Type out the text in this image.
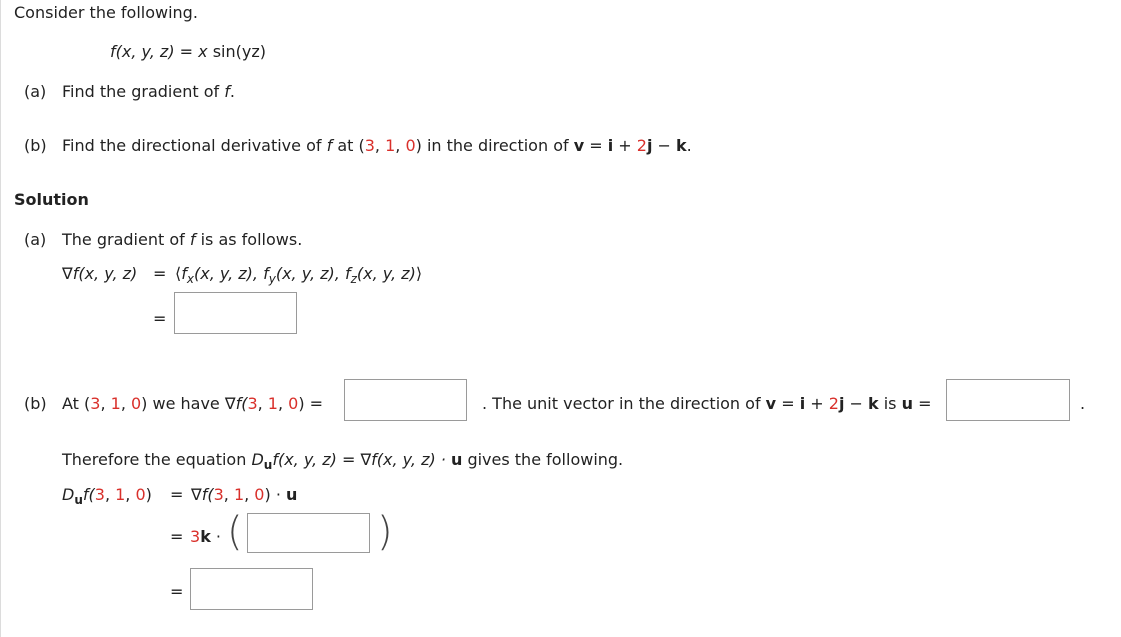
Consider the following.
f(x, y, z) = x sin(yz)
(a) Find the gradient of f.
(b) Find the directional derivative of f at (3, 1, 0) in the direction of v = i + 2j − k.
Solution
(a) The gradient of f is as follows.
∇f(x, y, $z) = ⟨f_x(x$, y, z), $f_y(x$, y, z), $f_z(x$, y, z)⟩
=
(b) At (3, 1, 0) we have ∇f(3, 1, 0) =	. The unit vector in the direction of v = i + 2j − k is u =	.
Therefore the equation $D_uf(x$, y, z) = ∇f(x, y, z) · u gives the following.
$D_uf(3$, 1, 0) = ∇f(3, 1, 0) · u
= 3k · (	)
=
